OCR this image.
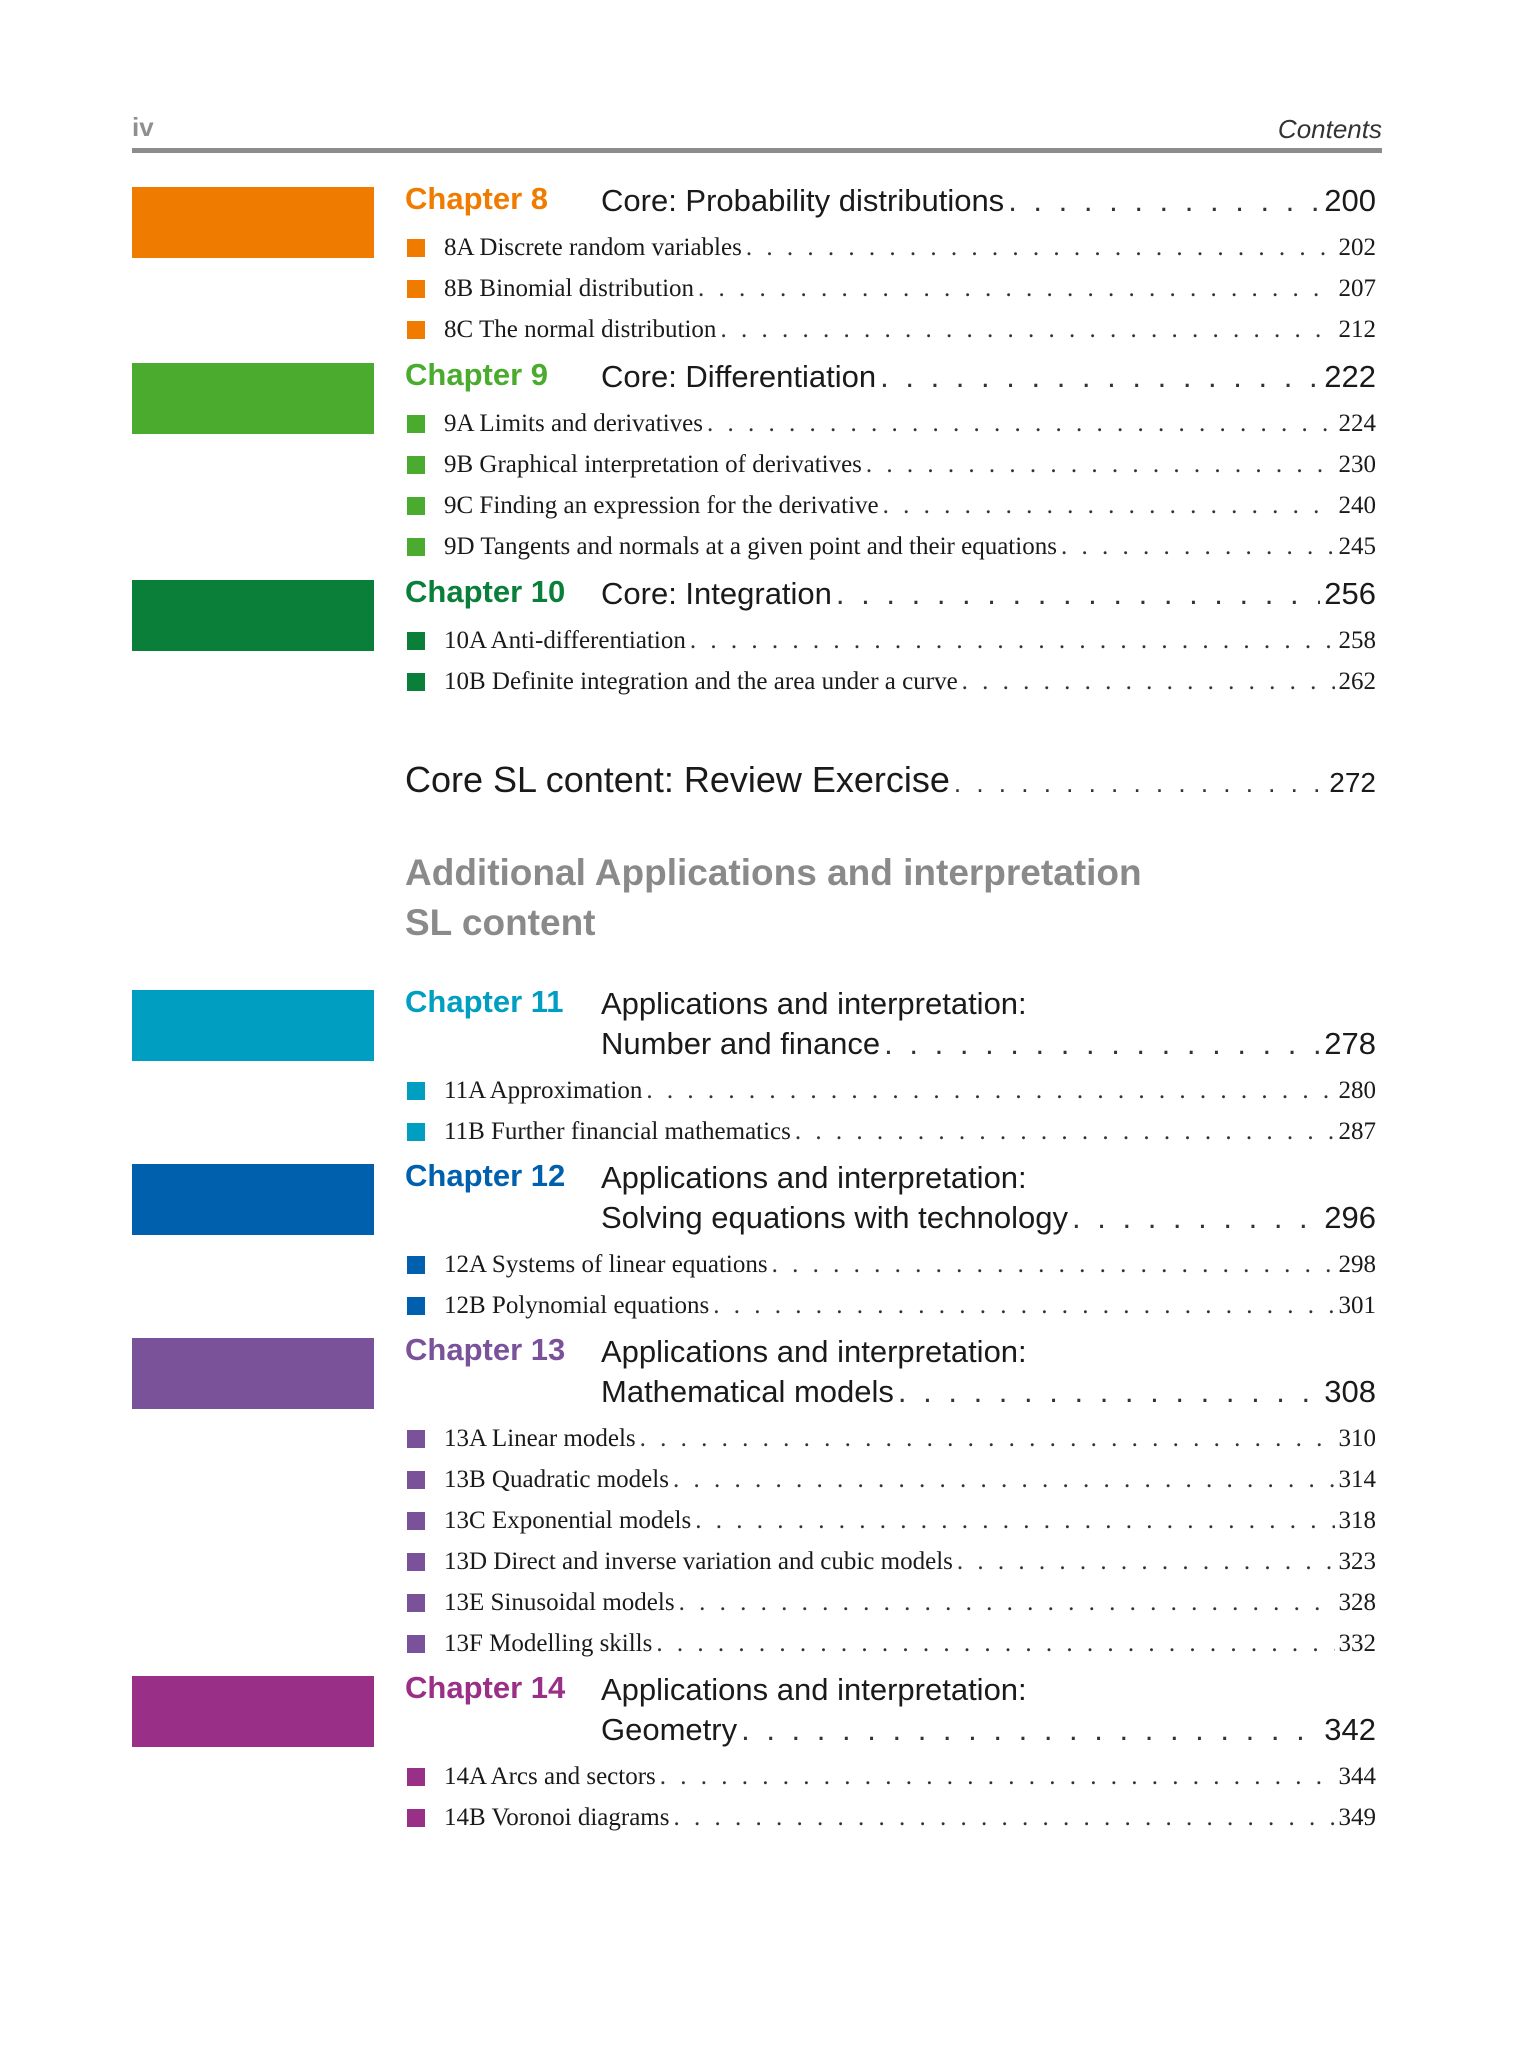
iv	Contents
Chapter 8 Core: Probability distributions . . .	200
8A Discrete random variables . . .	202
8B Binomial distribution . . .	207
8C The normal distribution . . .	212
Chapter 9 Core: Differentiation . . .	222
9A Limits and derivatives . . .	224
9B Graphical interpretation of derivatives . . .	230
9C Finding an expression for the derivative . . .	240
9D Tangents and normals at a given point and their equations . . .	245
Chapter 10 Core: Integration . . .	256
10A Anti-differentiation . . .	258
10B Definite integration and the area under a curve . . .	262
Core SL content: Review Exercise . . .	272
Additional Applications and interpretation
SL content
Chapter 11 Applications and interpretation:
Number and finance . . .	278
11A Approximation . . .	280
11B Further financial mathematics . . .	287
Chapter 12 Applications and interpretation:
Solving equations with technology . . .	296
12A Systems of linear equations . . .	298
12B Polynomial equations . . .	301
Chapter 13 Applications and interpretation:
Mathematical models . . .	308
13A Linear models . . .	310
13B Quadratic models . . .	314
13C Exponential models . . .	318
13D Direct and inverse variation and cubic models . . .	323
13E Sinusoidal models . . .	328
13F Modelling skills . . .	332
Chapter 14 Applications and interpretation:
Geometry . . .	342
14A Arcs and sectors . . .	344
14B Voronoi diagrams . . .	349
